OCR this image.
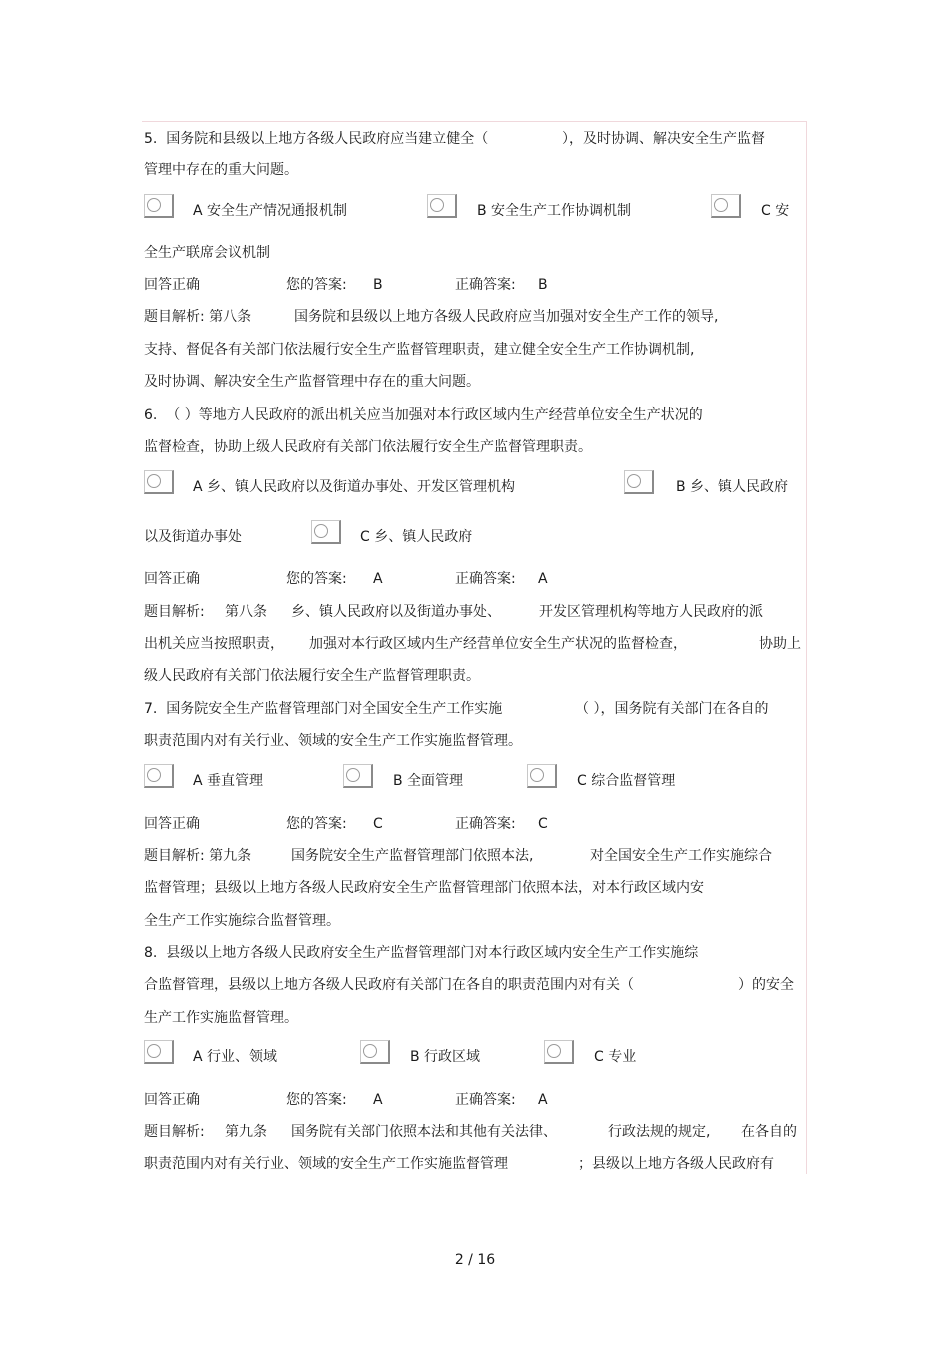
5. 国务院和县级以上地方各级人民政府应当建立健全（	），及时协调、解决安全生产监督
管理中存在的重大问题。
A 安全生产情况通报机制	B 安全生产工作协调机制	C 安
全生产联席会议机制
回答正确	您的答案: B	正确答案: B
题目解析: 第八条	国务院和县级以上地方各级人民政府应当加强对安全生产工作的领导,
支持、督促各有关部门依法履行安全生产监督管理职责，建立健全安全生产工作协调机制,
及时协调、解决安全生产监督管理中存在的重大问题。
6. （ ）等地方人民政府的派出机关应当加强对本行政区域内生产经营单位安全生产状况的
监督检查，协助上级人民政府有关部门依法履行安全生产监督管理职责。
A 乡、镇人民政府以及街道办事处、开发区管理机构	B 乡、镇人民政府
以及街道办事处	C 乡、镇人民政府
回答正确	您的答案: A	正确答案: A
题目解析: 第八条 乡、镇人民政府以及街道办事处、	开发区管理机构等地方人民政府的派
出机关应当按照职责， 加强对本行政区域内生产经营单位安全生产状况的监督检查，	协助上
级人民政府有关部门依法履行安全生产监督管理职责。
7. 国务院安全生产监督管理部门对全国安全生产工作实施	（ ），国务院有关部门在各自的
职责范围内对有关行业、领域的安全生产工作实施监督管理。
A 垂直管理	B 全面管理	C 综合监督管理
回答正确	您的答案: C	正确答案: C
题目解析: 第九条	国务院安全生产监督管理部门依照本法,	对全国安全生产工作实施综合
监督管理；县级以上地方各级人民政府安全生产监督管理部门依照本法，对本行政区域内安
全生产工作实施综合监督管理。
8. 县级以上地方各级人民政府安全生产监督管理部门对本行政区域内安全生产工作实施综
合监督管理，县级以上地方各级人民政府有关部门在各自的职责范围内对有关（	）的安全
生产工作实施监督管理。
A 行业、领域	B 行政区域	C 专业
回答正确	您的答案: A	正确答案: A
题目解析: 第九条 国务院有关部门依照本法和其他有关法律、	行政法规的规定, 在各自的
职责范围内对有关行业、领域的安全生产工作实施监督管理	；县级以上地方各级人民政府有
2 / 16
